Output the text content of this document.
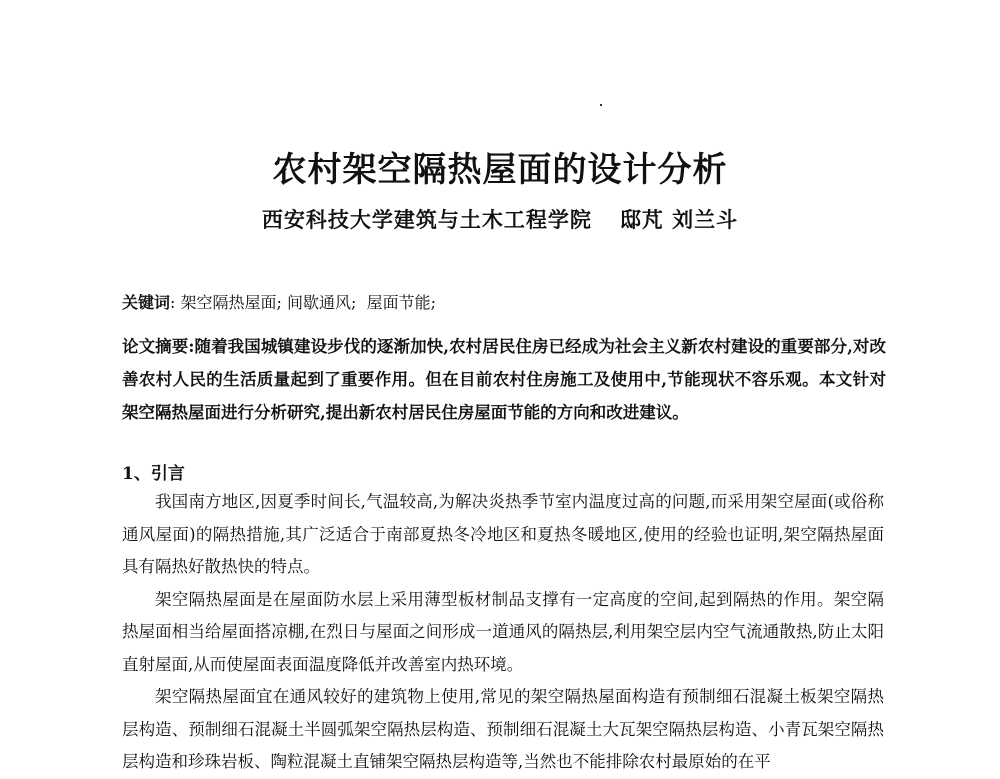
农村架空隔热屋面的设计分析
西安科技大学建筑与土木工程学院 邸芃 刘兰斗
关键词: 架空隔热屋面; 间歇通风; 屋面节能;
论文摘要:随着我国城镇建设步伐的逐渐加快,农村居民住房已经成为社会主义新农村建设的重要部分,对改善农村人民的生活质量起到了重要作用。但在目前农村住房施工及使用中,节能现状不容乐观。本文针对架空隔热屋面进行分析研究,提出新农村居民住房屋面节能的方向和改进建议。
1、引言

我国南方地区,因夏季时间长,气温较高,为解决炎热季节室内温度过高的问题,而采用架空屋面(或俗称通风屋面)的隔热措施,其广泛适合于南部夏热冬冷地区和夏热冬暖地区,使用的经验也证明,架空隔热屋面具有隔热好散热快的特点。

架空隔热屋面是在屋面防水层上采用薄型板材制品支撑有一定高度的空间,起到隔热的作用。架空隔热屋面相当给屋面搭凉棚,在烈日与屋面之间形成一道通风的隔热层,利用架空层内空气流通散热,防止太阳直射屋面,从而使屋面表面温度降低并改善室内热环境。

架空隔热屋面宜在通风较好的建筑物上使用,常见的架空隔热屋面构造有预制细石混凝土板架空隔热层构造、预制细石混凝土半圆弧架空隔热层构造、预制细石混凝土大瓦架空隔热层构造、小青瓦架空隔热层构造和珍珠岩板、陶粒混凝土直铺架空隔热层构造等,当然也不能排除农村最原始的在平
